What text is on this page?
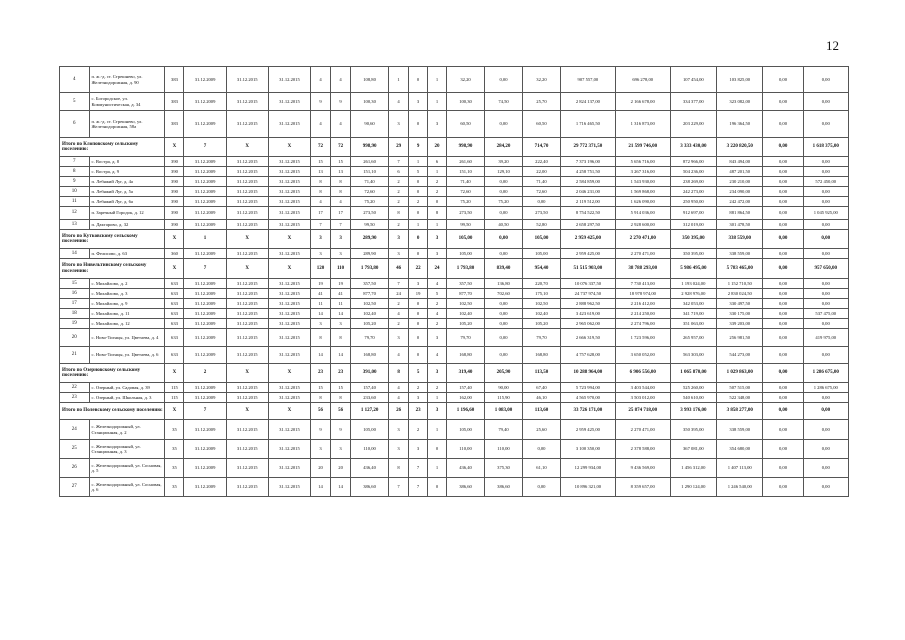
12
4	п. ж.-д. ст. Стрешнево, ул. Железнодорожная, д. 90	383	31.12.2009	31.12.2015	31.12.2015	4	4	108,80	1	0	1	32,20	0,00	32,20	907 557,00	696 278,00	107 454,00	103 825,00	0,00	0,00
5	с. Богородское, ул. Коммунистическая, д. 34	383	31.12.2009	31.12.2015	31.12.2015	9	9	100,30	4	3	1	100,30	74,50	25,70	2 824 137,00	2 166 678,00	334 377,00	323 082,00	0,00	0,00
6	п. ж.-д. ст. Стрешнево, ул. Железнодорожная, 58а	383	31.12.2009	31.12.2015	31.12.2015	4	4	90,60	3	0	3	60,50	0,00	60,50	1 716 465,50	1 316 873,00	203 229,00	196 364,50	0,00	0,00
Итого по Клоповскому сельскому поселению:		X	7	X	X	72	72	998,90	29	9	20	998,90	284,20	714,70	29 772 371,50	21 599 746,00	3 333 430,00	3 220 820,50	0,00	1 618 375,00
7	с. Востра, д. 8	390	31.12.2009	31.12.2015	31.12.2015	15	15	261,60	7	1	6	261,60	39,20	222,40	7 373 196,00	5 656 716,00	872 966,00	843 494,00	0,00	0,00
8	с. Востра, д. 9	390	31.12.2009	31.12.2015	31.12.2015	13	13	151,10	6	5	1	151,10	129,10	22,00	4 258 751,50	3 267 316,00	504 236,00	487 201,50	0,00	0,00
9	п. Лебяжий Луг, д. 4а	390	31.12.2009	31.12.2015	31.12.2015	8	8	71,40	2	0	2	71,40	0,00	71,40	2 584 859,00	1 543 930,00	238 269,00	230 210,00	0,00	572 450,00
10	п. Лебяжий Луг, д. 5а	390	31.12.2009	31.12.2015	31.12.2015	8	8	72,60	2	0	2	72,60	0,00	72,60	2 046 231,00	1 569 868,00	242 273,00	234 090,00	0,00	0,00
11	п. Лебяжий Луг, д. 6а	390	31.12.2009	31.12.2015	31.12.2015	4	4	75,20	2	2	0	75,20	75,20	0,00	2 119 512,00	1 626 090,00	250 950,00	242 472,00	0,00	0,00
12	п. Заречный Городок, д. 12	390	31.12.2009	31.12.2015	31.12.2015	17	17	273,50	8	0	8	273,50	0,00	273,50	8 754 522,50	5 914 036,00	912 697,00	881 864,50	0,00	1 045 925,00
13	п. Дактарово, д. 32	390	31.12.2009	31.12.2015	31.12.2015	7	7	99,50	2	1	1	99,50	40,50	52,80	2 658 297,50	2 928 600,00	312 019,00	301 478,50	0,00	0,00
Итого по Кутковскому сельскому поселению:		X	1	X	X	3	3	289,90	3	0	3	105,00	0,00	105,00	2 959 425,00	2 270 471,00	350 395,00	338 559,00	0,00	0,00
14	п. Фелисово, д. 63	360	31.12.2009	31.12.2015	31.12.2015	3	3	289,90	3	0	3	105,00	0,00	105,00	2 959 425,00	2 270 471,00	350 395,00	338 559,00	0,00	0,00
Итого по Нивельтинскому сельскому поселению:		X	7	X	X	120	110	1 793,80	46	22	24	1 793,80	839,40	954,40	51 515 903,00	38 788 293,00	5 986 495,00	5 783 465,00	0,00	957 650,00
15	с. Михайлово, д. 2	633	31.12.2009	31.12.2015	31.12.2015	19	19	357,50	7	3	4	357,50	136,80	220,70	10 076 337,50	7 730 413,00	1 193 024,00	1 152 710,50	0,00	0,00
16	с. Михайлово, д. 3	633	31.12.2009	31.12.2015	31.12.2015	41	41	877,70	24	19	5	877,70	702,60	175,10	24 737 974,50	18 978 974,00	2 928 976,00	2 830 024,50	0,00	0,00
17	с. Михайлово, д. 9	633	31.12.2009	31.12.2015	31.12.2015	11	11	102,50	2	0	2	102,50	0,00	102,50	2 888 962,50	2 216 412,00	342 053,00	330 497,50	0,00	0,00
18	с. Михайлово, д. 11	633	31.12.2009	31.12.2015	31.12.2015	14	14	102,40	4	0	4	102,40	0,00	102,40	3 423 619,00	2 214 250,00	341 719,00	330 175,00	0,00	537 475,00
19	с. Михайлово, д. 12	633	31.12.2009	31.12.2015	31.12.2015	3	3	105,20	2	0	2	105,20	0,00	105,20	2 965 062,00	2 274 796,00	351 063,00	339 203,00	0,00	0,00
20	с. Ново-Тигнцы, ул. Цветаева, д. 4	633	31.12.2009	31.12.2015	31.12.2015	8	8	79,70	3	0	3	79,70	0,00	79,70	2 666 319,50	1 723 596,00	265 957,00	256 981,50	0,00	419 975,00
21	с. Ново-Тигнцы, ул. Цветаева, д. 6	633	31.12.2009	31.12.2015	31.12.2015	14	14	168,80	4	0	4	168,80	0,00	168,80	4 757 628,00	3 650 052,00	563 303,00	544 273,00	0,00	0,00
Итого по Озерновскому сельскому поселению:		X	2	X	X	23	23	391,00	8	5	3	319,40	205,90	113,50	10 288 964,00	6 906 556,00	1 065 870,00	1 029 863,00	0,00	1 286 675,00
22	с. Озерный, ул. Садовая, д. 39	115	31.12.2009	31.12.2015	31.12.2015	15	15	157,40	4	2	2	157,40	90,00	67,40	5 723 994,00	3 403 544,00	525 260,00	507 515,00	0,00	1 286 675,00
23	с. Озерный, ул. Школьная, д. 3	115	31.12.2009	31.12.2015	31.12.2015	8	8	233,60	4	3	1	162,00	115,90	46,10	4 565 970,00	3 503 012,00	540 610,00	522 348,00	0,00	0,00
Итого по Полевскому сельскому поселению:		X	7	X	X	56	56	1 127,20	26	23	3	1 196,60	1 083,00	113,60	33 726 171,00	25 874 718,00	3 993 176,00	3 858 277,00	0,00	0,00
24	с. Железнодорожный, ул. Станционная, д. 2	35	31.12.2009	31.12.2015	31.12.2015	9	9	105,00	3	2	1	105,00	79,40	25,60	2 959 425,00	2 270 471,00	350 395,00	338 559,00	0,00	0,00
25	с. Железнодорожный, ул. Станционная, д. 3	35	31.12.2009	31.12.2015	31.12.2015	3	3	110,00	3	3	0	110,00	110,00	0,00	3 100 350,00	2 378 588,00	367 081,00	354 680,00	0,00	0,00
26	с. Железнодорожный, ул. Сосновая, д. 5	35	31.12.2009	31.12.2015	31.12.2015	20	20	436,40	8	7	1	436,40	375,30	61,10	12 299 934,00	9 436 569,00	1 456 312,00	1 407 113,00	0,00	0,00
27	с. Железнодорожный, ул. Сосновая, д. 6	35	31.12.2009	31.12.2015	31.12.2015	14	14	386,60	7	7	0	386,60	386,60	0,00	10 896 321,00	8 359 657,00	1 290 124,00	1 246 540,00	0,00	0,00
